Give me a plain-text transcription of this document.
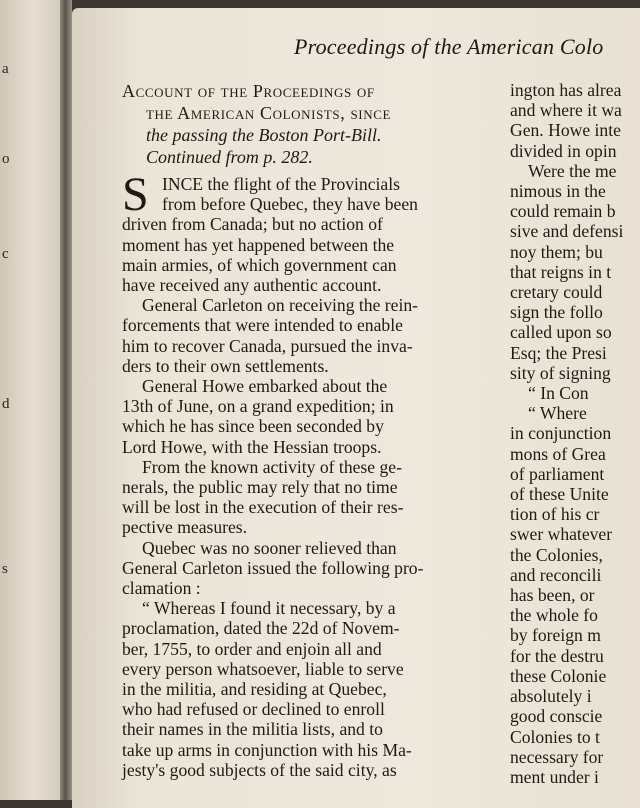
a
o
c
d
s
Proceedings of the American Colo
Account of the Proceedings of
the American Colonists, since
the passing the Boston Port-Bill.
Continued from p. 282.
S INCE the flight of the Provincials
from before Quebec, they have been
driven from Canada; but no action of
moment has yet happened between the
main armies, of which government can
have received any authentic account.
General Carleton on receiving the rein-
forcements that were intended to enable
him to recover Canada, pursued the inva-
ders to their own settlements.
General Howe embarked about the
13th of June, on a grand expedition; in
which he has since been seconded by
Lord Howe, with the Hessian troops.
From the known activity of these ge-
nerals, the public may rely that no time
will be lost in the execution of their res-
pective measures.
Quebec was no sooner relieved than
General Carleton issued the following pro-
clamation :
“ Whereas I found it necessary, by a
proclamation, dated the 22d of Novem-
ber, 1755, to order and enjoin all and
every person whatsoever, liable to serve
in the militia, and residing at Quebec,
who had refused or declined to enroll
their names in the militia lists, and to
take up arms in conjunction with his Ma-
jesty's good subjects of the said city, as
ington has alrea
and where it wa
Gen. Howe inte
divided in opin
Were the me
nimous in the
could remain b
sive and defensi
noy them; bu
that reigns in t
cretary could
sign the follo
called upon so
Esq; the Presi
sity of signing
“ In Con
“ Where
in conjunction
mons of Grea
of parliament
of these Unite
tion of his cr
swer whatever
the Colonies,
and reconcili
has been, or
the whole fo
by foreign m
for the destru
these Colonie
absolutely i
good conscie
Colonies to t
necessary for
ment under i
